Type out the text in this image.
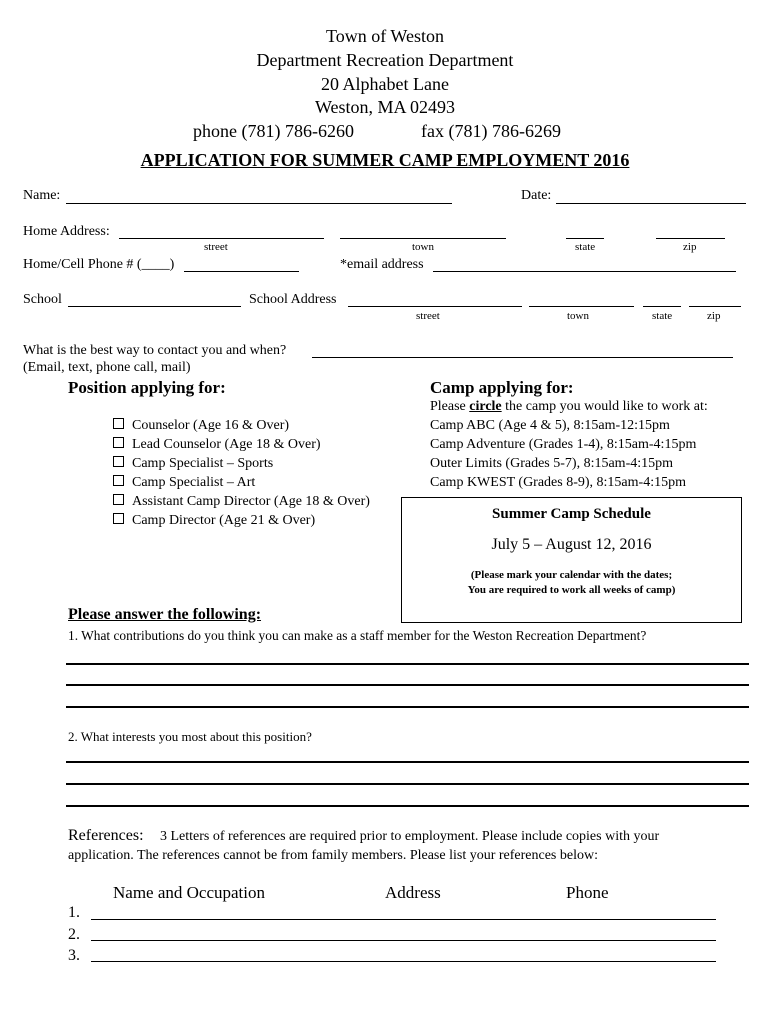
Town of Weston
Department Recreation Department
20 Alphabet Lane
Weston, MA 02493
phone (781) 786-6260	fax (781) 786-6269
APPLICATION FOR SUMMER CAMP EMPLOYMENT 2016
Name:	Date:
Home Address:
street	town	state	zip
Home/Cell Phone # (____)	*email address
School	School Address
street	town	state	zip
What is the best way to contact you and when?
(Email, text, phone call, mail)
Position applying for:
Counselor (Age 16 & Over)
Lead Counselor (Age 18 & Over)
Camp Specialist – Sports
Camp Specialist – Art
Assistant Camp Director (Age 18 & Over)
Camp Director (Age 21 & Over)
Camp applying for:
Please circle the camp you would like to work at:
Camp ABC (Age 4 & 5), 8:15am-12:15pm
Camp Adventure (Grades 1-4), 8:15am-4:15pm
Outer Limits (Grades 5-7), 8:15am-4:15pm
Camp KWEST (Grades 8-9), 8:15am-4:15pm
Summer Camp Schedule
July 5 – August 12, 2016
(Please mark your calendar with the dates;
You are required to work all weeks of camp)
Please answer the following:
1. What contributions do you think you can make as a staff member for the Weston Recreation Department?
2. What interests you most about this position?
References: 3 Letters of references are required prior to employment. Please include copies with your
application. The references cannot be from family members. Please list your references below:
Name and Occupation	Address	Phone
1.
2.
3.
